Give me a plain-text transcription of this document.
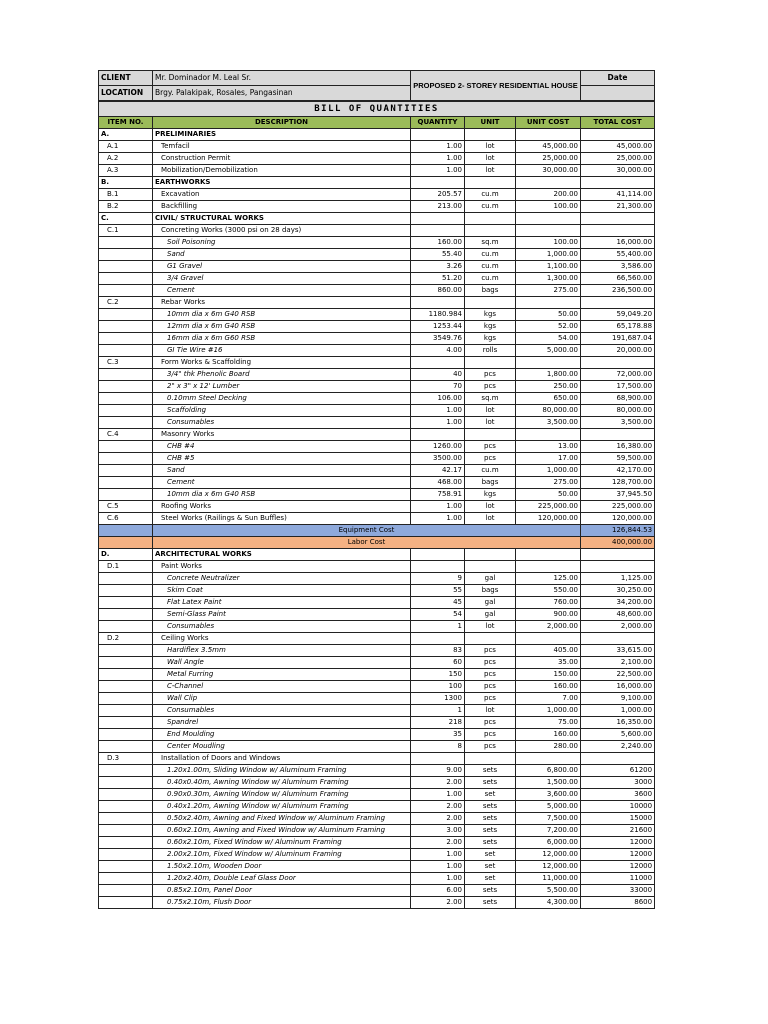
CLIENT	Mr. Dominador M. Leal Sr.	PROPOSED 2- STOREY RESIDENTIAL HOUSE	Date
LOCATION	Brgy. Palakipak, Rosales, Pangasinan		
BILL OF QUANTITIES					
ITEM NO.	DESCRIPTION	QUANTITY	UNIT	UNIT COST	TOTAL COST
A.	PRELIMINARIES				
A.1	Temfacil	1.00	lot	45,000.00	45,000.00
A.2	Construction Permit	1.00	lot	25,000.00	25,000.00
A.3	Mobilization/Demobilization	1.00	lot	30,000.00	30,000.00
B.	EARTHWORKS				
B.1	Excavation	205.57	cu.m	200.00	41,114.00
B.2	Backfilling	213.00	cu.m	100.00	21,300.00
C.	CIVIL/ STRUCTURAL WORKS				
C.1	Concreting Works (3000 psi on 28 days)				
	Soil Poisoning	160.00	sq.m	100.00	16,000.00
	Sand	55.40	cu.m	1,000.00	55,400.00
	G1 Gravel	3.26	cu.m	1,100.00	3,586.00
	3/4 Gravel	51.20	cu.m	1,300.00	66,560.00
	Cement	860.00	bags	275.00	236,500.00
C.2	Rebar Works				
	10mm dia x 6m G40 RSB	1180.984	kgs	50.00	59,049.20
	12mm dia x 6m G40 RSB	1253.44	kgs	52.00	65,178.88
	16mm dia x 6m G60 RSB	3549.76	kgs	54.00	191,687.04
	GI Tie Wire #16	4.00	rolls	5,000.00	20,000.00
C.3	Form Works & Scaffolding				
	3/4" thk Phenolic Board	40	pcs	1,800.00	72,000.00
	2" x 3" x 12' Lumber	70	pcs	250.00	17,500.00
	0.10mm Steel Decking	106.00	sq.m	650.00	68,900.00
	Scaffolding	1.00	lot	80,000.00	80,000.00
	Consumables	1.00	lot	3,500.00	3,500.00
C.4	Masonry Works				
	CHB #4	1260.00	pcs	13.00	16,380.00
	CHB #5	3500.00	pcs	17.00	59,500.00
	Sand	42.17	cu.m	1,000.00	42,170.00
	Cement	468.00	bags	275.00	128,700.00
	10mm dia x 6m G40 RSB	758.91	kgs	50.00	37,945.50
C.5	Roofing Works	1.00	lot	225,000.00	225,000.00
C.6	Steel Works (Railings & Sun Buffles)	1.00	lot	120,000.00	120,000.00
	Equipment Cost				126,844.53
	Labor Cost				400,000.00
D.	ARCHITECTURAL WORKS				
D.1	Paint Works				
	Concrete Neutralizer	9	gal	125.00	1,125.00
	Skim Coat	55	bags	550.00	30,250.00
	Flat Latex Paint	45	gal	760.00	34,200.00
	Semi-Glass Paint	54	gal	900.00	48,600.00
	Consumables	1	lot	2,000.00	2,000.00
D.2	Ceiling Works				
	Hardiflex 3.5mm	83	pcs	405.00	33,615.00
	Wall Angle	60	pcs	35.00	2,100.00
	Metal Furring	150	pcs	150.00	22,500.00
	C-Channel	100	pcs	160.00	16,000.00
	Wall Clip	1300	pcs	7.00	9,100.00
	Consumables	1	lot	1,000.00	1,000.00
	Spandrel	218	pcs	75.00	16,350.00
	End Moulding	35	pcs	160.00	5,600.00
	Center Moudling	8	pcs	280.00	2,240.00
D.3	Installation of Doors and Windows				
	1.20x1.00m, Sliding Window w/ Aluminum Framing	9.00	sets	6,800.00	61200
	0.40x0.40m, Awning Window w/ Aluminum Framing	2.00	sets	1,500.00	3000
	0.90x0.30m, Awning Window w/ Aluminum Framing	1.00	set	3,600.00	3600
	0.40x1.20m, Awning Window w/ Aluminum Framing	2.00	sets	5,000.00	10000
	0.50x2.40m, Awning and Fixed Window w/ Aluminum Framing	2.00	sets	7,500.00	15000
	0.60x2.10m, Awning and Fixed Window w/ Aluminum Framing	3.00	sets	7,200.00	21600
	0.60x2.10m, Fixed Window w/ Aluminum Framing	2.00	sets	6,000.00	12000
	2.00x2.10m, Fixed Window w/ Aluminum Framing	1.00	set	12,000.00	12000
	1.50x2.10m, Wooden Door	1.00	set	12,000.00	12000
	1.20x2.40m, Double Leaf Glass Door	1.00	set	11,000.00	11000
	0.85x2.10m, Panel Door	6.00	sets	5,500.00	33000
	0.75x2.10m, Flush Door	2.00	sets	4,300.00	8600
